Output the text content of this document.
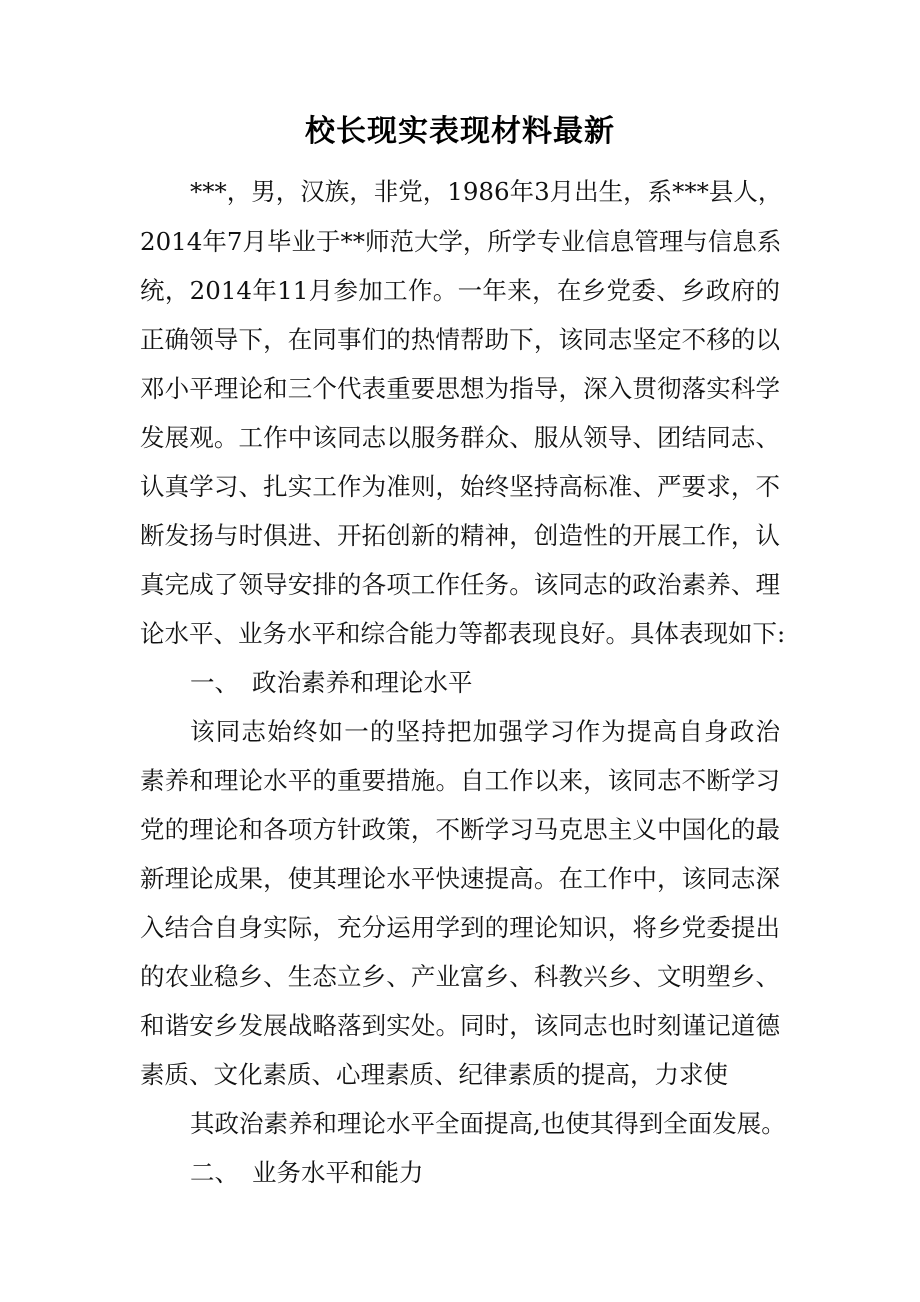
校长现实表现材料最新
***，男，汉族，非党，1986年3月出生，系***县人，
2014年7月毕业于**师范大学，所学专业信息管理与信息系
统，2014年11月参加工作。一年来，在乡党委、乡政府的
正确领导下，在同事们的热情帮助下，该同志坚定不移的以
邓小平理论和三个代表重要思想为指导，深入贯彻落实科学
发展观。工作中该同志以服务群众、服从领导、团结同志、
认真学习、扎实工作为准则，始终坚持高标准、严要求，不
断发扬与时俱进、开拓创新的精神，创造性的开展工作，认
真完成了领导安排的各项工作任务。该同志的政治素养、理
论水平、业务水平和综合能力等都表现良好。具体表现如下:
一、 政治素养和理论水平
该同志始终如一的坚持把加强学习作为提高自身政治
素养和理论水平的重要措施。自工作以来，该同志不断学习
党的理论和各项方针政策，不断学习马克思主义中国化的最
新理论成果，使其理论水平快速提高。在工作中，该同志深
入结合自身实际，充分运用学到的理论知识，将乡党委提出
的农业稳乡、生态立乡、产业富乡、科教兴乡、文明塑乡、
和谐安乡发展战略落到实处。同时，该同志也时刻谨记道德
素质、文化素质、心理素质、纪律素质的提高，力求使
其政治素养和理论水平全面提高,也使其得到全面发展。
二、 业务水平和能力
